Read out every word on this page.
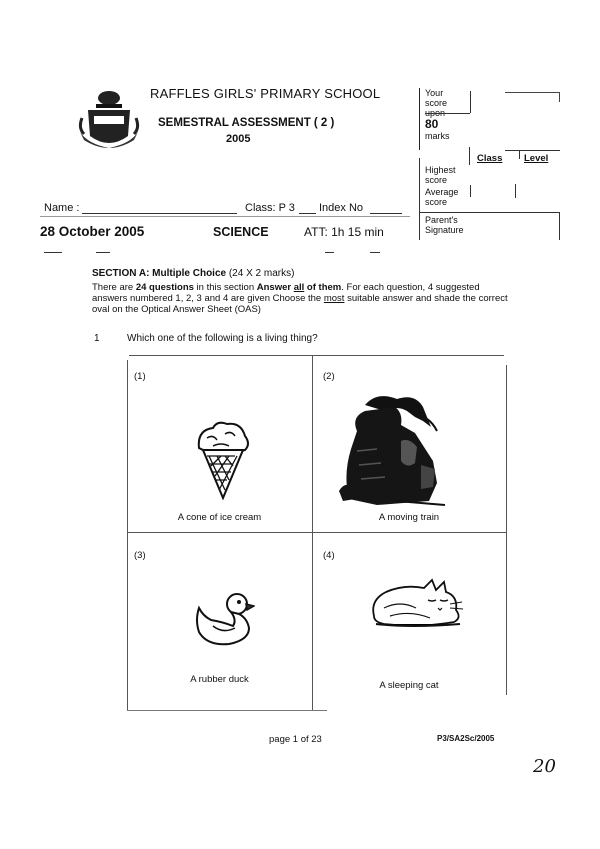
RAFFLES GIRLS' PRIMARY SCHOOL
SEMESTRAL ASSESSMENT ( 2 )
2005
Your
score
upon
80
marks
Class Level
Highest
score
Average
score
Parent's
Signature
Name :	Class: P 3 Index No
28 October 2005	SCIENCE	ATT: 1h 15 min
SECTION A: Multiple Choice (24 X 2 marks)
There are 24 questions in this section Answer all of them. For each question, 4 suggested answers numbered 1, 2, 3 and 4 are given Choose the most suitable answer and shade the correct oval on the Optical Answer Sheet (OAS)
1	Which one of the following is a living thing?
(1)
A cone of ice cream
(2)
A moving train
(3)
A rubber duck
(4)
A sleeping cat
page 1 of 23	P3/SA2Sc/2005
20
